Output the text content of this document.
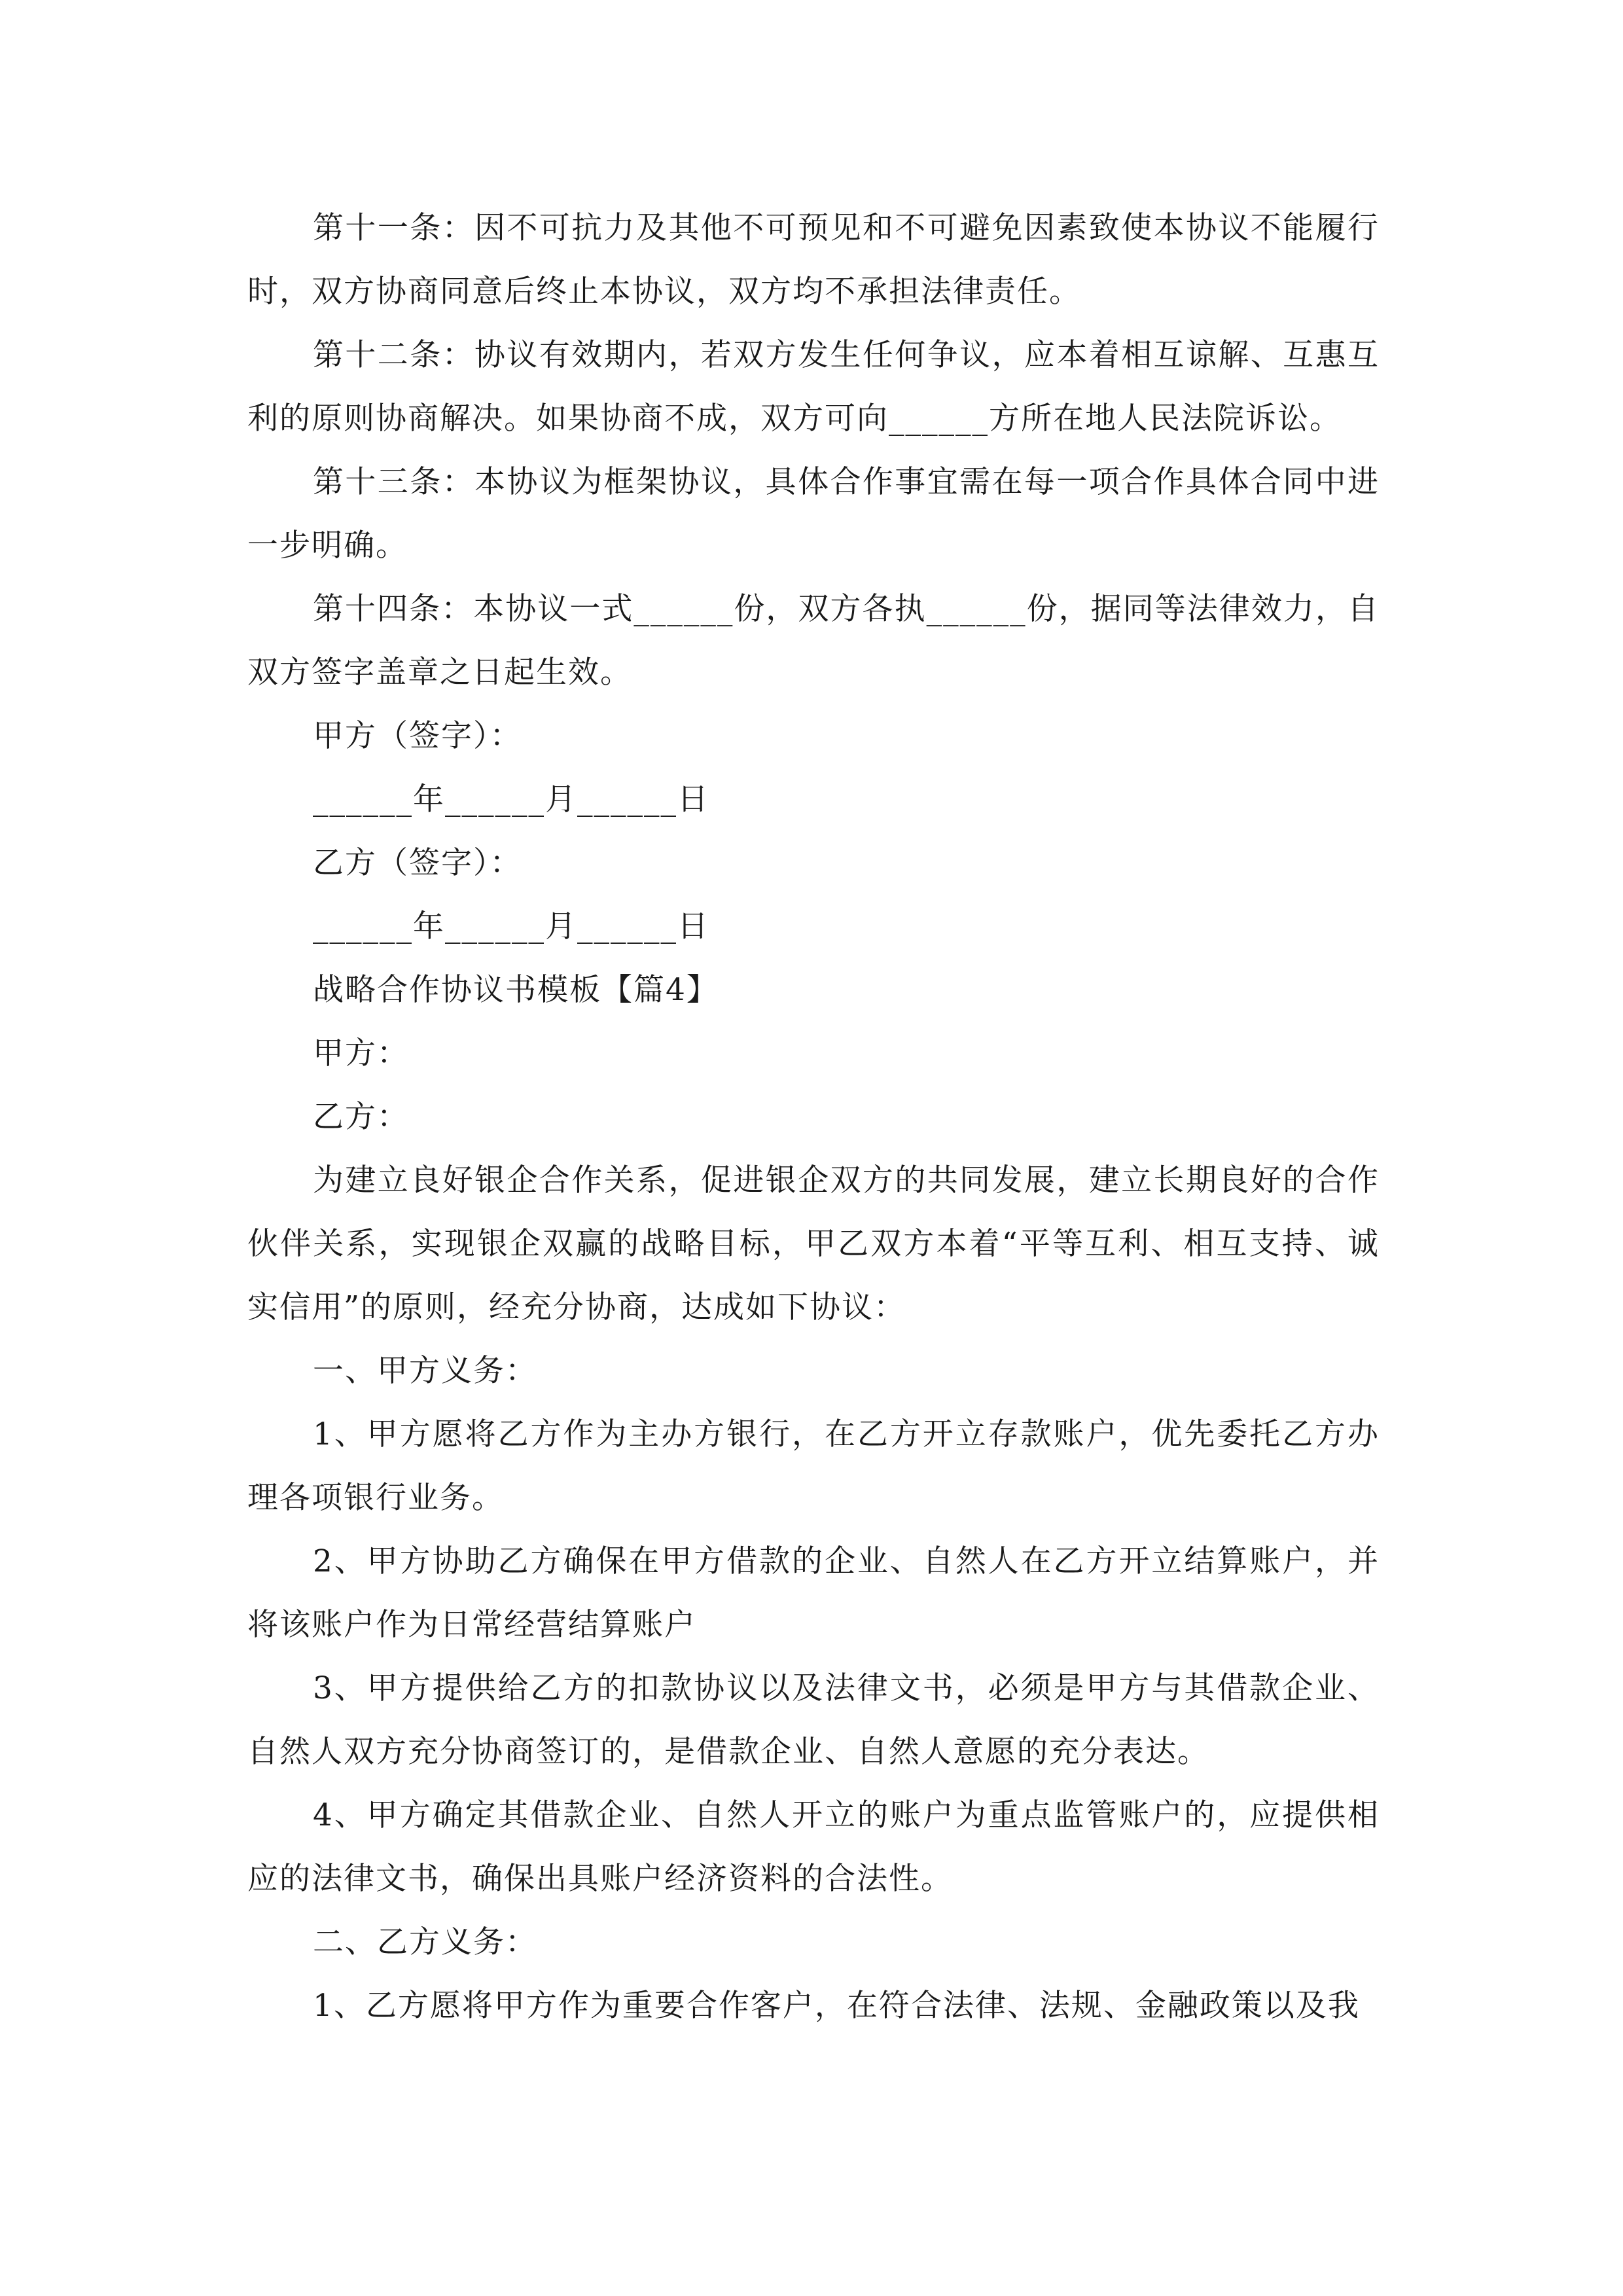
第十一条：因不可抗力及其他不可预见和不可避免因素致使本协议不能履行时，双方协商同意后终止本协议，双方均不承担法律责任。

第十二条：协议有效期内，若双方发生任何争议，应本着相互谅解、互惠互利的原则协商解决。如果协商不成，双方可向______方所在地人民法院诉讼。

第十三条：本协议为框架协议，具体合作事宜需在每一项合作具体合同中进一步明确。

第十四条：本协议一式______份，双方各执______份，据同等法律效力，自双方签字盖章之日起生效。

甲方（签字）：

______年______月______日

乙方（签字）：

______年______月______日

战略合作协议书模板【篇4】

甲方：

乙方：

为建立良好银企合作关系，促进银企双方的共同发展，建立长期良好的合作伙伴关系，实现银企双赢的战略目标，甲乙双方本着“平等互利、相互支持、诚实信用”的原则，经充分协商，达成如下协议：

一、甲方义务：

1、甲方愿将乙方作为主办方银行，在乙方开立存款账户，优先委托乙方办理各项银行业务。

2、甲方协助乙方确保在甲方借款的企业、自然人在乙方开立结算账户，并将该账户作为日常经营结算账户

3、甲方提供给乙方的扣款协议以及法律文书，必须是甲方与其借款企业、自然人双方充分协商签订的，是借款企业、自然人意愿的充分表达。

4、甲方确定其借款企业、自然人开立的账户为重点监管账户的，应提供相应的法律文书，确保出具账户经济资料的合法性。

二、乙方义务：

1、乙方愿将甲方作为重要合作客户，在符合法律、法规、金融政策以及我
